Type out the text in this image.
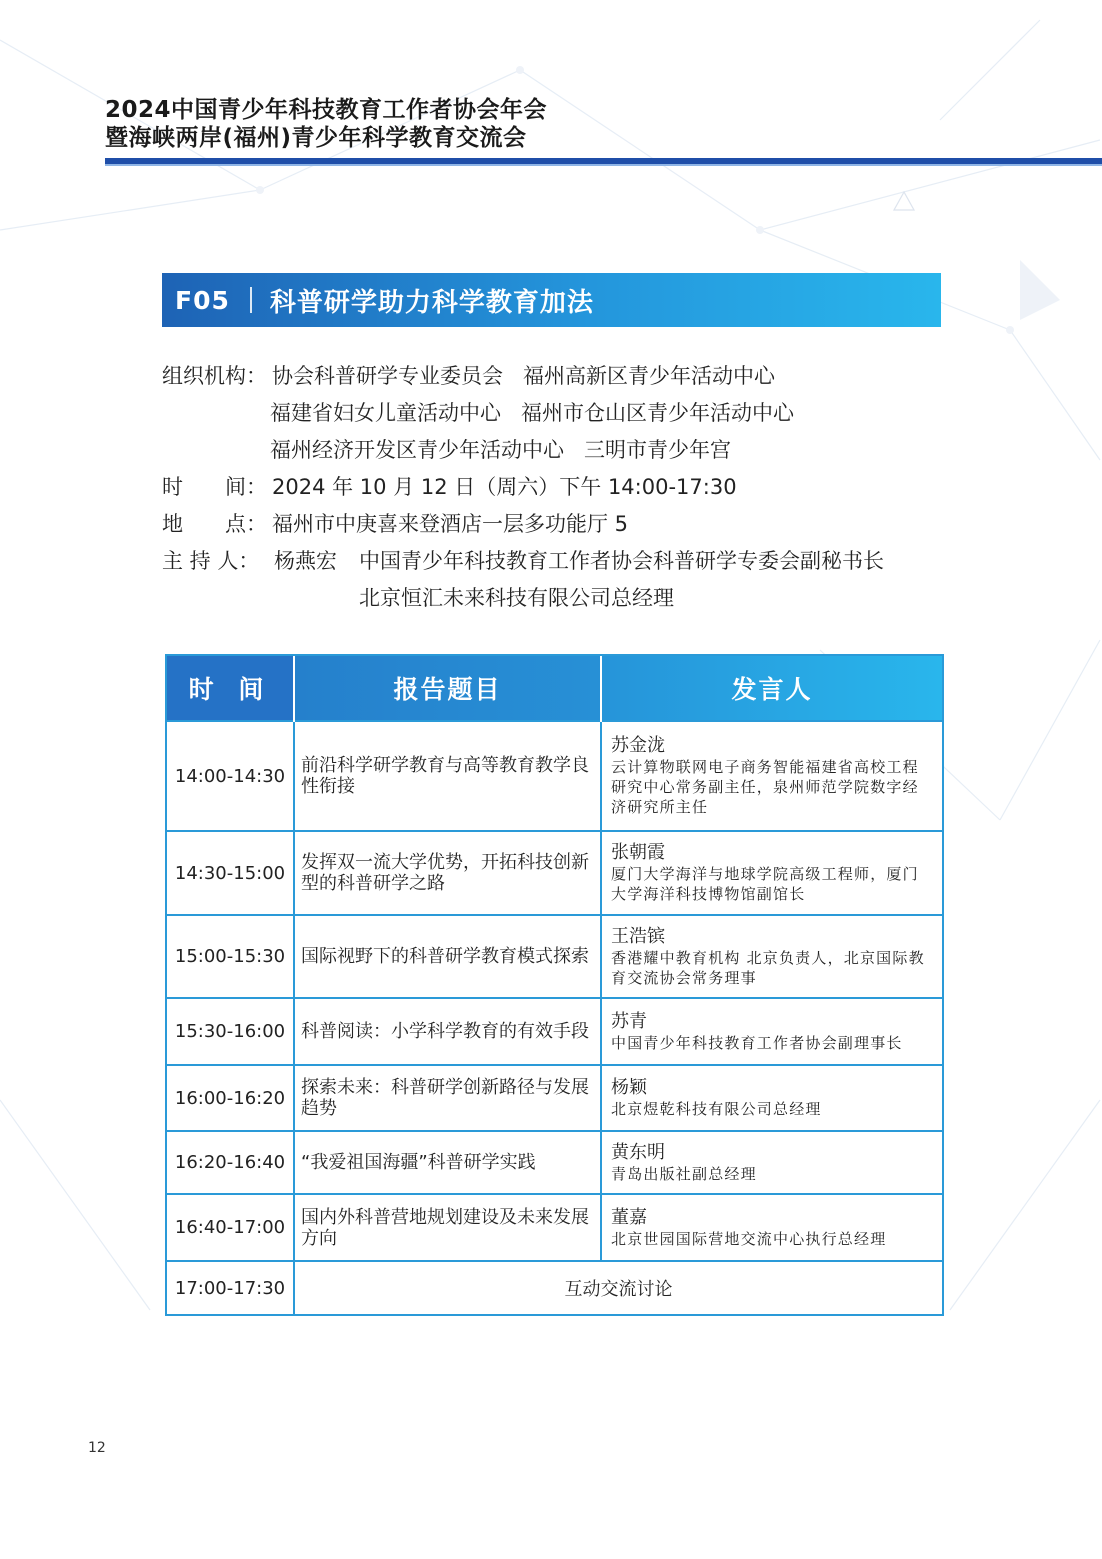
2024中国青少年科技教育工作者协会年会
暨海峡两岸(福州)青少年科学教育交流会
F05 科普研学助力科学教育加法
组织机构： 协会科普研学专业委员会 福州高新区青少年活动中心
福建省妇女儿童活动中心 福州市仓山区青少年活动中心
福州经济开发区青少年活动中心 三明市青少年宫
时　　间： 2024 年 10 月 12 日（周六）下午 14:00-17:30
地　　点： 福州市中庚喜来登酒店一层多功能厅 5
主 持 人： 杨燕宏 中国青少年科技教育工作者协会科普研学专委会副秘书长
北京恒汇未来科技有限公司总经理
时 间	报告题目	发言人
14:00-14:30	前沿科学研学教育与高等教育教学良性衔接	苏金泷
云计算物联网电子商务智能福建省高校工程研究中心常务副主任，泉州师范学院数字经济研究所主任

14:30-15:00	发挥双一流大学优势，开拓科技创新型的科普研学之路	张朝霞
厦门大学海洋与地球学院高级工程师，厦门大学海洋科技博物馆副馆长

15:00-15:30	国际视野下的科普研学教育模式探索	王浩镔
香港耀中教育机构 北京负责人，北京国际教育交流协会常务理事

15:30-16:00	科普阅读：小学科学教育的有效手段	苏青
中国青少年科技教育工作者协会副理事长

16:00-16:20	探索未来：科普研学创新路径与发展趋势	杨颖
北京煜乾科技有限公司总经理

16:20-16:40	“我爱祖国海疆”科普研学实践	黄东明
青岛出版社副总经理

16:40-17:00	国内外科普营地规划建设及未来发展方向	董嘉
北京世园国际营地交流中心执行总经理

17:00-17:30	互动交流讨论	
12
